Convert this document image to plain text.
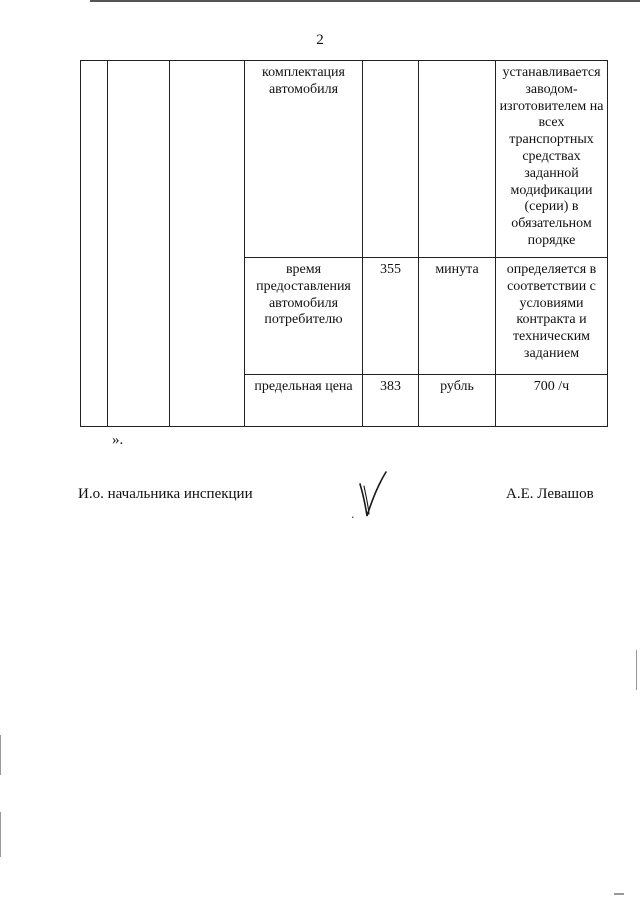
2
			комплектация автомобиля			устанавливается заводом-изготовителем на всех транспортных средствах заданной модификации (серии) в обязательном порядке
			время предоставления автомобиля потребителю	355	минута	определяется в соответствии с условиями контракта и техническим заданием
			предельная цена	383	рубль	700 /ч
».
И.о. начальника инспекции	А.Е. Левашов
